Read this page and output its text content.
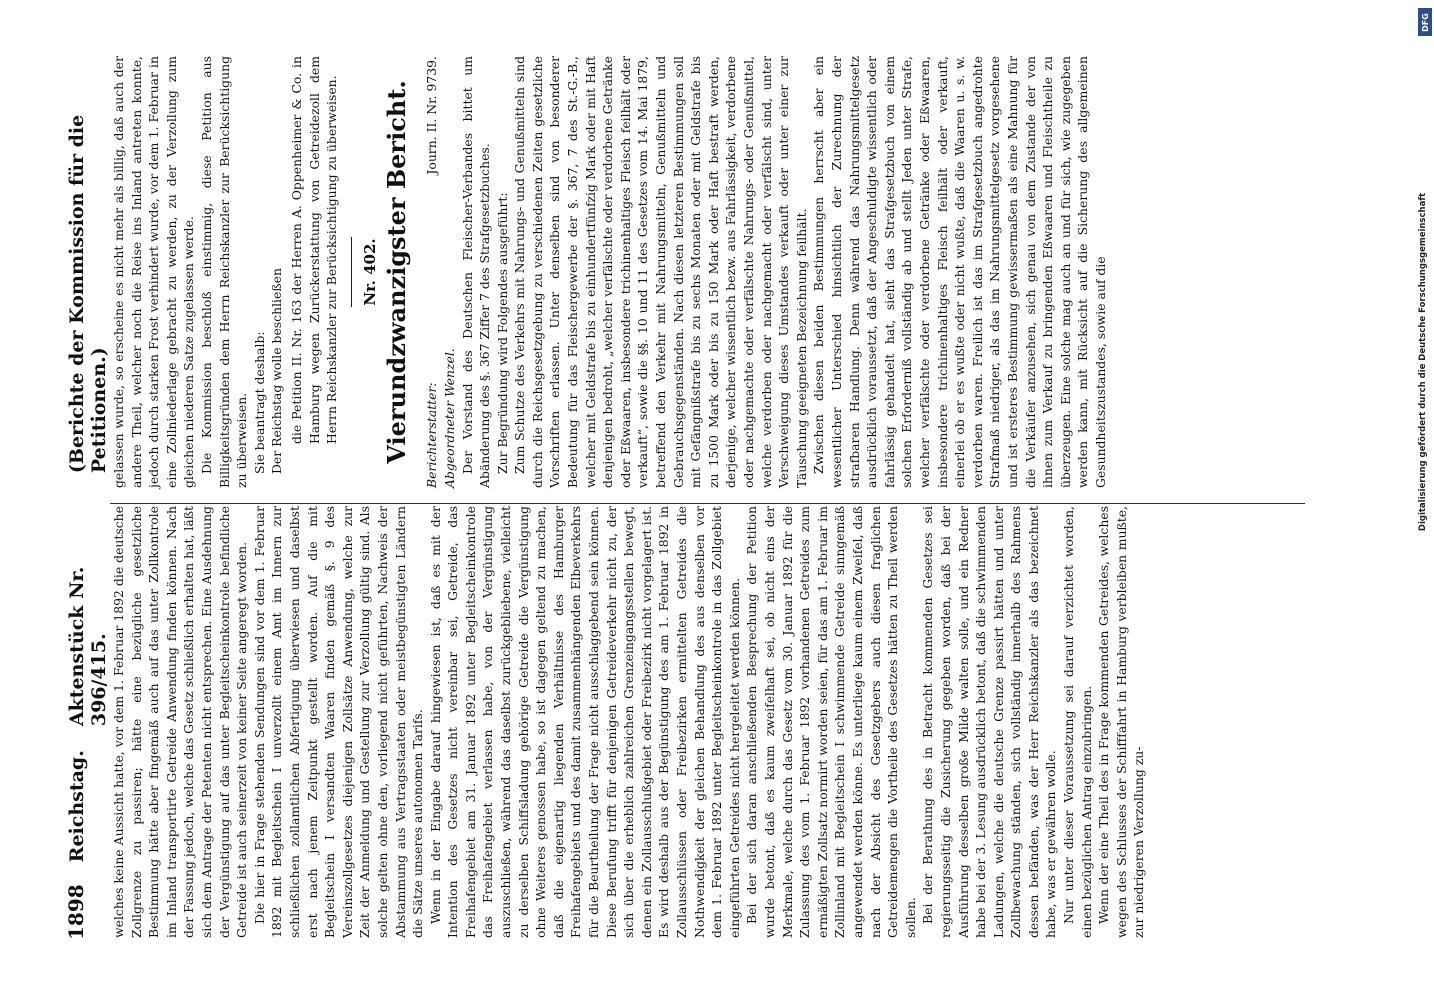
1898
Reichstag.
Aktenstück Nr. 396/415.
(Berichte der Kommission für die Petitionen.)

welches keine Aussicht hatte, vor dem 1. Februar 1892 die deutsche Zollgrenze zu passiren; hätte eine bezügliche gesetzliche Bestimmung hätte aber fingemäß auch auf das unter Zollkontrole im Inland transportirte Getreide Anwendung finden können. Nach der Fassung jedoch, welche das Gesetz schließlich erhalten hat, läßt sich dem Antrage der Petenten nicht entsprechen. Eine Ausdehnung der Vergünstigung auf das unter Begleitscheinkontrole befindliche Getreide ist auch seinerzeit von keiner Seite angeregt worden. Die hier in Frage stehenden Sendungen sind vor dem 1. Februar 1892 mit Begleitschein I unverzollt einem Amt im Innern zur schließlichen zollamtlichen Abfertigung überwiesen und daselbst erst nach jenem Zeitpunkt gestellt worden. Auf die mit Begleitschein I versandten Waaren finden gemäß §. 9 des Vereinszollgesetzes diejenigen Zollsätze Anwendung, welche zur Zeit der Anmeldung und Gestellung zur Verzollung gültig sind. Als solche gelten ohne den, vorliegend nicht geführten, Nachweis der Abstammung aus Vertragsstaaten oder meistbegünstigten Ländern die Sätze unseres autonomen Tarifs. Wenn in der Eingabe darauf hingewiesen ist, daß es mit der Intention des Gesetzes nicht vereinbar sei, Getreide, das Freihafengebiet am 31. Januar 1892 unter Begleitscheinkontrole das Freihafengebiet verlassen habe, von der Vergünstigung auszuschließen, während das daselbst zurückgebliebene, vielleicht zu derselben Schiffsladung gehörige Getreide die Vergünstigung ohne Weiteres genossen habe, so ist dagegen geltend zu machen, daß die eigenartig liegenden Verhältnisse des Hamburger Freihafengebiets und des damit zusammenhängenden Elbeverkehrs für die Beurtheilung der Frage nicht ausschlaggebend sein können. Diese Berufung trifft für denjenigen Getreideverkehr nicht zu, der sich über die erheblich zahlreichen Grenzeingangsstellen bewegt, denen ein Zollausschlußgebiet oder Freibezirk nicht vorgelagert ist. Es wird deshalb aus der Begünstigung des am 1. Februar 1892 in Zollausschlüssen oder Freibezirken ermittelten Getreides die Nothwendigkeit der gleichen Behandlung des aus denselben vor dem 1. Februar 1892 unter Begleitscheinkontrole in das Zollgebiet eingeführten Getreides nicht hergeleitet werden können. Bei der sich daran anschließenden Besprechung der Petition wurde betont, daß es kaum zweifelhaft sei, ob nicht eins der Merkmale, welche durch das Gesetz vom 30. Januar 1892 für die Zulassung des vom 1. Februar 1892 vorhandenen Getreides zum ermäßigten Zollsatz normirt worden seien, für das am 1. Februar im Zollinland mit Begleitschein I schwimmende Getreide sinngemäß angewendet werden könne. Es unterliege kaum einem Zweifel, daß nach der Absicht des Gesetzgebers auch diesen fraglichen Getreidemengen die Vortheile des Gesetzes hätten zu Theil werden sollen. Bei der Berathung des in Betracht kommenden Gesetzes sei regierungsseitig die Zusicherung gegeben worden, daß bei der Ausführung desselben große Milde walten solle, und ein Redner habe bei der 3. Lesung ausdrücklich betont, daß die schwimmenden Ladungen, welche die deutsche Grenze passirt hätten und unter Zollbewachung ständen, sich vollständig innerhalb des Rahmens dessen befänden, was der Herr Reichskanzler als das bezeichnet habe, was er gewähren wolle. Nur unter dieser Voraussetzung sei darauf verzichtet worden, einen bezüglichen Antrag einzubringen. Wenn der eine Theil des in Frage kommenden Getreides, welches wegen des Schlusses der Schifffahrt in Hamburg verbleiben mußte, zur niedrigeren Verzollung zu-

gelassen wurde, so erscheine es nicht mehr als billig, daß auch der andere Theil, welcher noch die Reise ins Inland antreten konnte, jedoch durch starken Frost verhindert wurde, vor dem 1. Februar in eine Zollniederlage gebracht zu werden, zu der Verzollung zum gleichen niederen Satze zugelassen werde. Die Kommission beschloß einstimmig, diese Petition aus Billigkeitsgründen dem Herrn Reichskanzler zur Berücksichtigung zu überweisen. Sie beantragt deshalb: Der Reichstag wolle beschließen die Petition II. Nr. 163 der Herren A. Oppenheimer & Co. in Hamburg wegen Zurückerstattung von Getreidezoll dem Herrn Reichskanzler zur Berücksichtigung zu überweisen. Nr. 402. Vierundzwanzigster Bericht. Berichterstatter:
Journ. II. Nr. 9739.
Abgeordneter Wenzel. Der Vorstand des Deutschen Fleischer-Verbandes bittet um Abänderung des §. 367 Ziffer 7 des Strafgesetzbuches. Zur Begründung wird Folgendes ausgeführt: Zum Schutze des Verkehrs mit Nahrungs- und Genußmitteln sind durch die Reichsgesetzgebung zu verschiedenen Zeiten gesetzliche Vorschriften erlassen. Unter denselben sind von besonderer Bedeutung für das Fleischergewerbe der §. 367, 7 des St.-G.-B., welcher mit Geldstrafe bis zu einhundertfünfzig Mark oder mit Haft denjenigen bedroht, „welcher verfälschte oder verdorbene Getränke oder Eßwaaren, insbesondere trichinenhaltiges Fleisch feilhält oder verkauft“, sowie die §§. 10 und 11 des Gesetzes vom 14. Mai 1879, betreffend den Verkehr mit Nahrungsmitteln, Genußmitteln und Gebrauchsgegenständen. Nach diesen letzteren Bestimmungen soll mit Gefängnißstrafe bis zu sechs Monaten oder mit Geldstrafe bis zu 1500 Mark oder bis zu 150 Mark oder Haft bestraft werden, derjenige, welcher wissentlich bezw. aus Fahrlässigkeit, verdorbene oder nachgemachte oder verfälschte Nahrungs- oder Genußmittel, welche verdorben oder nachgemacht oder verfälscht sind, unter Verschweigung dieses Umstandes verkauft oder unter einer zur Täuschung geeigneten Bezeichnung feilhält. Zwischen diesen beiden Bestimmungen herrscht aber ein wesentlicher Unterschied hinsichtlich der Zurechnung der strafbaren Handlung. Denn während das Nahrungsmittelgesetz ausdrücklich voraussetzt, daß der Angeschuldigte wissentlich oder fahrlässig gehandelt hat, sieht das Strafgesetzbuch von einem solchen Erforderniß vollständig ab und stellt Jeden unter Strafe, welcher verfälschte oder verdorbene Getränke oder Eßwaaren, insbesondere trichinenhaltiges Fleisch feilhält oder verkauft, einerlei ob er es wußte oder nicht wußte, daß die Waaren u. s. w. verdorben waren. Freilich ist das im Strafgesetzbuch angedrohte Strafmaß niedriger, als das im Nahrungsmittelgesetz vorgesehene und ist ersteres Bestimmung gewissermaßen als eine Mahnung für die Verkäufer anzusehen, sich genau von dem Zustande der von ihnen zum Verkauf zu bringenden Eßwaaren und Fleischtheile zu überzeugen. Eine solche mag auch an und für sich, wie zugegeben werden kann, mit Rücksicht auf die Sicherung des allgemeinen Gesundheitszustandes, sowie auf die

DFG
Digitalisierung gefördert durch die Deutsche Forschungsgemeinschaft
